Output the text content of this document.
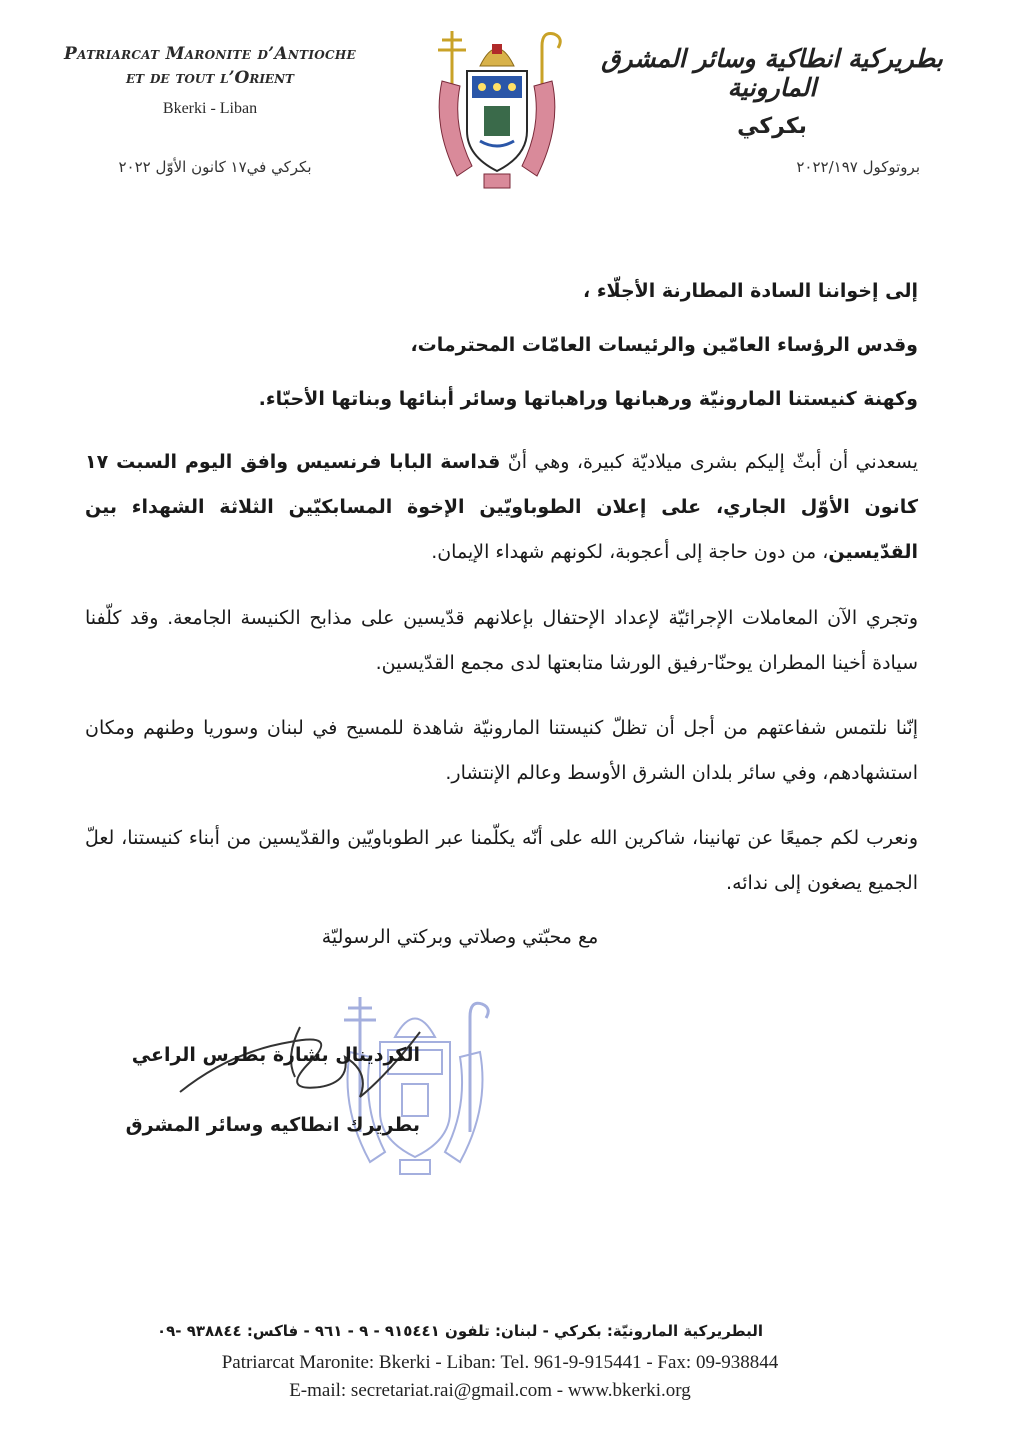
Patriarcat Maronite d’Antioche
et de tout l’Orient
Bkerki - Liban
بطريركية انطاكية وسائر المشرق المارونية
بكركي
بكركي في١٧ كانون الأوّل ٢٠٢٢	بروتوكول ٢٠٢٢/١٩٧

إلى إخواننا السادة المطارنة الأجلّاء ،

وقدس الرؤساء العامّين والرئيسات العامّات المحترمات،

وكهنة كنيستنا المارونيّة ورهبانها وراهباتها وسائر أبنائها وبناتها الأحبّاء.

يسعدني أن أبثّ إليكم بشرى ميلاديّة كبيرة، وهي أنّ قداسة البابا فرنسيس وافق اليوم السبت ١٧ كانون الأوّل الجاري، على إعلان الطوباويّين الإخوة المسابكيّين الثلاثة الشهداء بين القدّيسين، من دون حاجة إلى أعجوبة، لكونهم شهداء الإيمان.

وتجري الآن المعاملات الإجرائيّة لإعداد الإحتفال بإعلانهم قدّيسين على مذابح الكنيسة الجامعة. وقد كلّفنا سيادة أخينا المطران يوحنّا-رفيق الورشا متابعتها لدى مجمع القدّيسين.

إنّنا نلتمس شفاعتهم من أجل أن تظلّ كنيستنا المارونيّة شاهدة للمسيح في لبنان وسوريا وطنهم ومكان استشهادهم، وفي سائر بلدان الشرق الأوسط وعالم الإنتشار.

ونعرب لكم جميعًا عن تهانينا، شاكرين الله على أنّه يكلّمنا عبر الطوباويّين والقدّيسين من أبناء كنيستنا، لعلّ الجميع يصغون إلى ندائه.

مع محبّتي وصلاتي وبركتي الرسوليّة
الكردينال بشارة بطرس الراعي
بطريرك انطاكيه وسائر المشرق
البطريركية المارونيّة: بكركي - لبنان: تلفون ٩١٥٤٤١ - ٩ - ٩٦١ - فاكس: ٩٣٨٨٤٤ -٠٩
Patriarcat Maronite: Bkerki - Liban: Tel. 961-9-915441 - Fax: 09-938844
E-mail: secretariat.rai@gmail.com - www.bkerki.org
